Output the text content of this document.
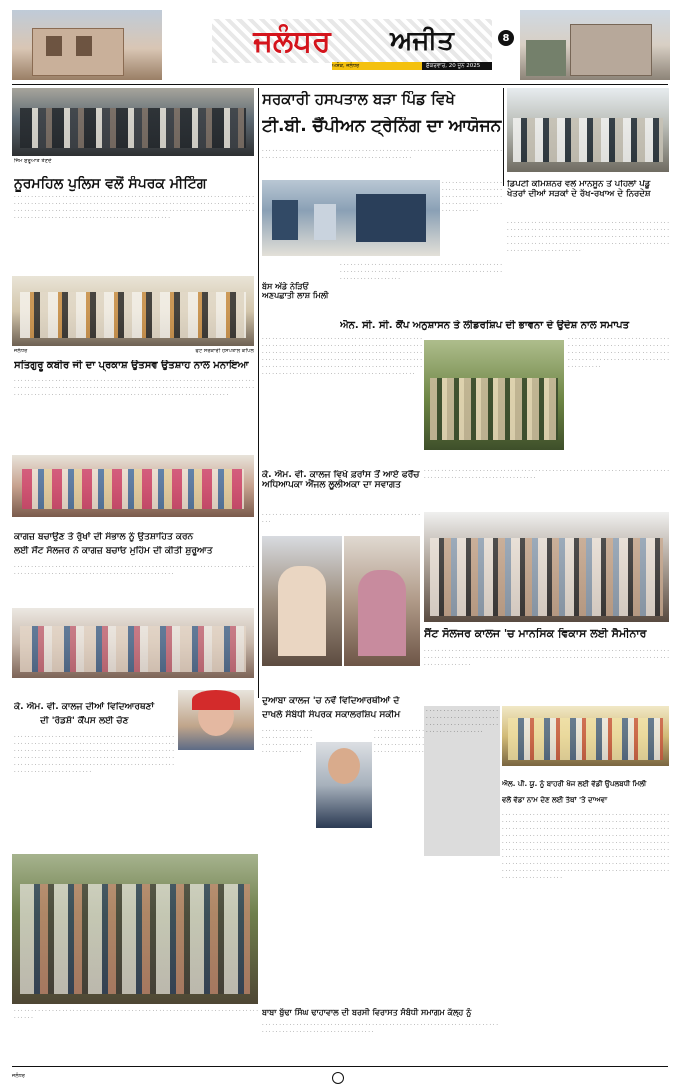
ਜਲੰਧਰ ਅਜੀਤ
ਅਸ਼ੋਕ, ਜਲੰਧਰ	ਸ਼ੁੱਕਰਵਾਰ, 20 ਜੂਨ 2025
8
ਜਿੰਮ ਸ਼ੁਰੂਆਤ ਤੇਣਦੇ
ਸਰਕਾਰੀ ਹਸਪਤਾਲ ਬੜਾ ਪਿੰਡ ਵਿਖੇ
ਟੀ.ਬੀ. ਚੈਂਪੀਅਨ ਟ੍ਰੇਨਿੰਗ ਦਾ ਆਯੋਜਨ
ਨੂਰਮਹਿਲ ਪੁਲਿਸ ਵਲੋਂ ਸੰਪਰਕ ਮੀਟਿੰਗ

· · · · · · · · · · · · · · · · · · · · · · · · · · · · · · · · · · · · · · · · · · · · · · · · · · · · · · · · · · · · · · · · · · · · · · · · · · · · · · · · · · · · · · · · · · · · · · · · · · · · · · · · · · · · · · · · · · · · · · · · · · · · · · · · · · · · · · · · · · · · · · · · · · · · · · · · · · · · · · · · · · · · · · · · · · · · · · · · · · · · · · · · · · · · · · · · · · · · · · · · · · · · · · · · · · · · · · · · · · · · · · · · · · · · · · · · · · · · · · · · · · · · · · · · · · · · · · · ·

· · · · · · · · · · · · · · · · · · · · · · · · · · · · · · · · · · · · · · · · · · · · · · · · · · · · · · · · · · · · · · · · · · · · · · · · · · · · · · · · · · · · · · · · · · · · · · · · · · · · · · · · · · · · · · · · · ·
· · · · · · · · · · · · · · · · · · · · · · · · · · · · · · · · · · · · · · · · · · · · · · · · · · · · · · · · · · · · · · · · · · · · · · · · · · · · · · · · · · ·
ਬੱਸ ਅੱਡੇ ਨੇੜਿਓਂ ਅਣਪਛਾਤੀ ਲਾਸ਼ ਮਿਲੀ
· · · · · · · · · · · · · · · · · · · · · · · · · · · · · · · · · · · · · · · · · · · · · · · · · · · · · · · · · · · · · · · · · · · · · · · · · · · · · · · · · · · · · · · · · · · · · · · · · · · · · · · · · · · · · · · ·
ਡਿਪਟੀ ਕਮਿਸ਼ਨਰ ਵਲੋਂ ਮਾਨਸੂਨ ਤੋਂ ਪਹਿਲਾਂ ਪੇਂਡੂ ਖੇਤਰਾਂ ਦੀਆਂ ਸੜਕਾਂ ਦੇ ਰੱਖ-ਰਖਾਅ ਦੇ ਨਿਰਦੇਸ਼
· · · · · · · · · · · · · · · · · · · · · · · · · · · · · · · · · · · · · · · · · · · · · · · · · · · · · · · · · · · · · · · · · · · · · · · · · · · · · · · · · · · · · · · · · · · · · · · · · · · · · · · · · · · · · · · · · · · · · · · · · · · · · · · · · · · · · · · · · · · · · · · · · · · · · · · · · · · · · · · · · · · · · · · · · · · · · · · · · · · · · · · · · · · · · · · · · · · · · · · · · · · · · · · · · ·
ਜਲੰਧਰ	ਫੋਟੋ ਸਰਕਾਰੀ ਹਸਪਤਾਲ ਕਪਿਲ
ਸਤਿਗੁਰੂ ਕਬੀਰ ਜੀ ਦਾ ਪ੍ਰਕਾਸ਼ ਉਤਸਵ ਉਤਸ਼ਾਹ ਨਾਲ ਮਨਾਇਆ
· · · · · · · · · · · · · · · · · · · · · · · · · · · · · · · · · · · · · · · · · · · · · · · · · · · · · · · · · · · · · · · · · · · · · · · · · · · · · · · · · · · · · · · · · · · · · · · · · · · · · · · · · · · · · · · · · · · · · · · · · · · · · · · · · · · · · · · · · · · · · · · · · · · · · · · · · · · · · · · · · · · · · · · · · · · · · · · · · · · · · · · · · · · · · · · · · · · · · · · · · · ·
ਐਨ. ਸੀ. ਸੀ. ਕੈਂਪ ਅਨੁਸ਼ਾਸਨ ਤੇ ਲੀਡਰਸ਼ਿਪ ਦੀ ਭਾਵਨਾ ਦੇ ਉਦੇਸ਼ ਨਾਲ ਸਮਾਪਤ
· · · · · · · · · · · · · · · · · · · · · · · · · · · · · · · · · · · · · · · · · · · · · · · · · · · · · · · · · · · · · · · · · · · · · · · · · · · · · · · · · · · · · · · · · · · · · · · · · · · · · · · · · · · · · · · · · · · · · · · · · · · · · · · · · · · · · · · · · · · · · · · · · · · · · · · · · · · · · · · · · · · · · · · · · · · · · · · · · · · · · · · · · · · · · · · · · · · · · · · · · · · · · · · · · · · · · · · · · · · · · · · · · · · · · · · · · · · · · · · · · · · · · · · · · · · · · · · · · · · · · · · · · · · · · · · · · · · · · · · ·
· · · · · · · · · · · · · · · · · · · · · · · · · · · · · · · · · · · · · · · · · · · · · · · · · · · · · · · · · · · · · · · · · · · · · · · · · · · · · · · · · · · · · · · · · · · · · · · · · · · · · · · · · · · · · · · · · · · · · · · · · · · · · ·
ਕੇ. ਐਮ. ਵੀ. ਕਾਲਜ ਵਿਖੇ ਫ਼ਰਾਂਸ ਤੋਂ ਆਏ ਫਰੈਂਚ ਅਧਿਆਪਕਾ ਐਂਜਲ ਲੂਲੀਅਕਾ ਦਾ ਸਵਾਗਤ
· · · · · · · · · · · · · · · · · · · · · · · · · · · · · · · · · · · · · · · · · · · · · · · · ·
· · · · · · · · · · · · · · · · · · · · · · · · · · · · · · · · · · · · · · · · · · · · · · · · · · · · · · · · · · · · · · · · · · · · · · · · · · · · · · · · · · · · · · · · · · · · · · · · · · · · · · · ·
ਕਾਗਜ਼ ਬਚਾਉਣ ਤੇ ਰੁੱਖਾਂ ਦੀ ਸੰਭਾਲ ਨੂੰ ਉਤਸ਼ਾਹਿਤ ਕਰਨ
ਲਈ ਸੇਂਟ ਸੋਲਜਰ ਨੇ ਕਾਗਜ਼ ਬਚਾਓ ਮੁਹਿੰਮ ਦੀ ਕੀਤੀ ਸ਼ੁਰੂਆਤ
· · · · · · · · · · · · · · · · · · · · · · · · · · · · · · · · · · · · · · · · · · · · · · · · · · · · · · · · · · · · · · · · · · · · · · · · · · · · · · · · · · · · · · · · · · · · · · · · · · · · · · · · · · · · · · · · · · · · ·
ਸੈਂਟ ਸੋਲਜਰ ਕਾਲਜ 'ਚ ਮਾਨਸਿਕ ਵਿਕਾਸ ਲਈ ਸੈਮੀਨਾਰ
· · · · · · · · · · · · · · · · · · · · · · · · · · · · · · · · · · · · · · · · · · · · · · · · · · · · · · · · · · · · · · · · · · · · · · · · · · · · · · · · · · · · · · · · · · · · · · · · · · · · · · · · · · · · · · · · · · · · · · · · · · · · · · · · · · · · · · · · · · · · · · · · · · · · · · · · · · · ·
ਕੇ. ਐਮ. ਵੀ. ਕਾਲਜ ਦੀਆਂ ਵਿਦਿਆਰਥਣਾਂ
ਦੀ 'ਰੋਡਸ਼ੋ' ਕੈਂਪਸ ਲਈ ਚੋਣ
· · · · · · · · · · · · · · · · · · · · · · · · · · · · · · · · · · · · · · · · · · · · · · · · · · · · · · · · · · · · · · · · · · · · · · · · · · · · · · · · · · · · · · · · · · · · · · · · · · · · · · · · · · · · · · · · · · · · · · · · · · · · · · · · · · · · · · · · · · · · · · · · · · · · · · · · · · · · · · · · · · · · · · · · · · · · · · · · · · · · · · · · · · · · · · · · · · · · · · · · · · · · · · · · · · · · · · · · · · · · · · · · · · · · · · · · · · · · · · · · · · · · · · · · · · · · · · · · · ·
ਦੁਆਬਾ ਕਾਲਜ 'ਚ ਨਵੇਂ ਵਿਦਿਆਰਥੀਆਂ ਦੇ
ਦਾਖਲੇ ਸੰਬੰਧੀ ਸੰਪਰਕ ਸਕਾਲਰਸ਼ਿਪ ਸਕੀਮ
· · · · · · · · · · · · · · · · · · · · · · · · · · · · · · · · · · · · · · · · · · · · · · · · · · · · · · · · ·
· · · · · · · · · · · · · · · · · · · · · · · · · · · · · · · · · · · · · · · · · · · · · · · · · · · · · · · · · · · ·
· · · · · · · · · · · · · · · · · · · · · · · · · · · · · · · · · · · · · · · · · · · · · · · · · · · · · · · · · · · · · · · · · · · · · · · · · · · · · · · ·
ਐਲ. ਪੀ. ਯੂ. ਨੂੰ ਬਾਹਰੀ ਖੋਜ ਲਈ ਵੱਡੀ ਉਪਲਬਧੀ ਮਿਲੀ
ਵਲੋਂ ਵੱਡਾ ਨਾਮ ਦੇਣ ਲਈ ਤੱਥਾਂ 'ਤੇ ਦਾਅਵਾ
· · · · · · · · · · · · · · · · · · · · · · · · · · · · · · · · · · · · · · · · · · · · · · · · · · · · · · · · · · · · · · · · · · · · · · · · · · · · · · · · · · · · · · · · · · · · · · · · · · · · · · · · · · · · · · · · · · · · · · · · · · · · · · · · · · · · · · · · · · · · · · · · · · · · · · · · · · · · · · · · · · · · · · · · · · · · · · · · · · · · · · · · · · · · · · · · · · · · · · · · · · · · · · · · · · · · · · · · · · · · · · · · · · · · · · · · · · · · · · · · · · · · · · · · · · · · · · · · · · · · · · · · · · · · · · · · · · · · · · · · · · · · · · · · · · · · · · · · · · · · · · · · · · · · · · · · · · · · · · · · · · · · · · · · · · · · · · · · · · · · · · · · · · · · · · · · · · · · · · · · · · · · · · · · · · · · · · · · · · · · · · · · · · · · · · · · · · · · · · · · · · · · · · · · · · · · · · · · · · · · · · · · · · · · · · · · · · · · · · · · · · · · · · · · · · · · · · · · · · ·
ਬਾਬਾ ਬੁੱਢਾ ਸਿੰਘ ਢਾਹਾਵਾਲ ਦੀ ਬਰਸੀ ਵਿਰਾਸਤ ਸੰਬੰਧੀ ਸਮਾਗਮ ਕੱਲ੍ਹ ਨੂੰ
· · · · · · · · · · · · · · · · · · · · · · · · · · · · · · · · · · · · · · · · · · · · · · · · · · · · · · · · · · · · · · · · · · · · · · · · · · · · · · · · · · · · · · · · · · · · · · · · · · · · · ·
· · · · · · · · · · · · · · · · · · · · · · · · · · · · · · · · · · · · · · · · · · · · · · · · · · · · · · · · · · · · · · · · · · · · · · · · · · · · ·
ਜਲੰਧਰ
